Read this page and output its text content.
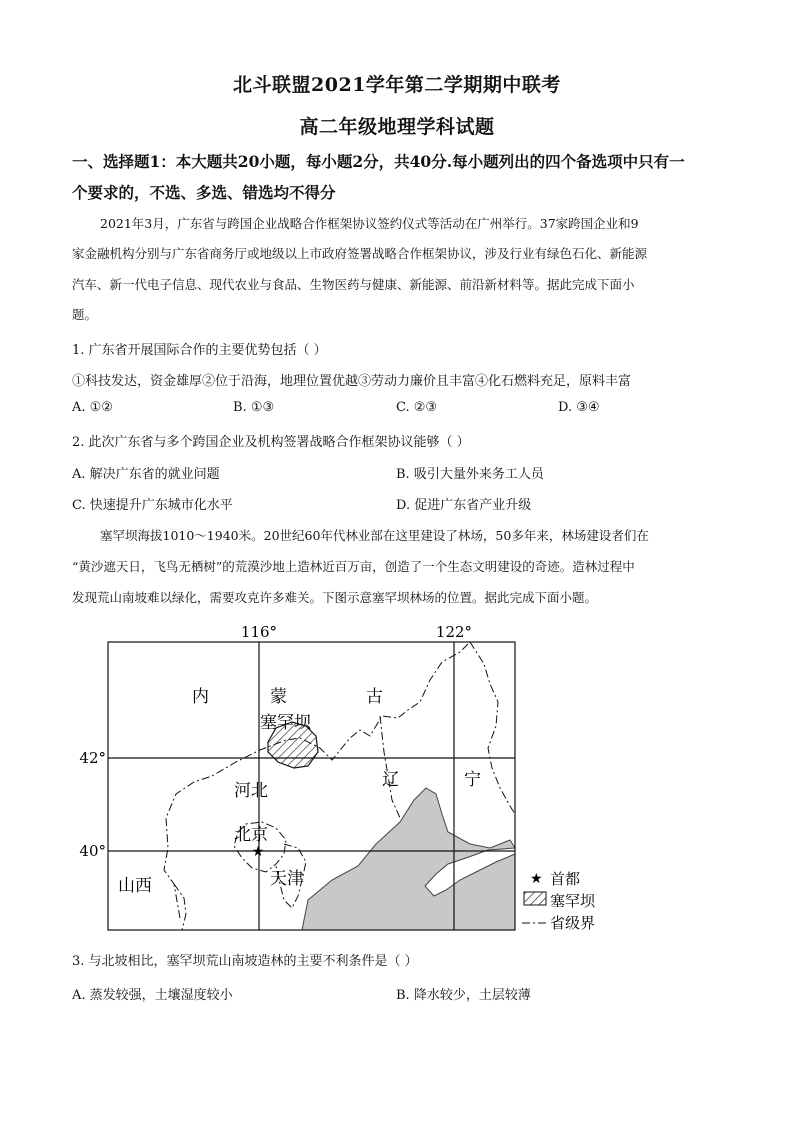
北斗联盟2021学年第二学期期中联考
高二年级地理学科试题
一、选择题1：本大题共20小题，每小题2分，共40分.每小题列出的四个备选项中只有一
个要求的，不选、多选、错选均不得分
2021年3月，广东省与跨国企业战略合作框架协议签约仪式等活动在广州举行。37家跨国企业和9
家金融机构分别与广东省商务厅或地级以上市政府签署战略合作框架协议，涉及行业有绿色石化、新能源
汽车、新一代电子信息、现代农业与食品、生物医药与健康、新能源、前沿新材料等。据此完成下面小
题。
1. 广东省开展国际合作的主要优势包括（ ）
①科技发达，资金雄厚②位于沿海，地理位置优越③劳动力廉价且丰富④化石燃料充足，原料丰富
A. ①②	B. ①③	C. ②③	D. ③④
2. 此次广东省与多个跨国企业及机构签署战略合作框架协议能够（ ）
A. 解决广东省的就业问题	B. 吸引大量外来务工人员
C. 快速提升广东城市化水平	D. 促进广东省产业升级
塞罕坝海拔1010～1940米。20世纪60年代林业部在这里建设了林场，50多年来，林场建设者们在
“黄沙遮天日，飞鸟无栖树”的荒漠沙地上造林近百万亩，创造了一个生态文明建设的奇迹。造林过程中
发现荒山南坡难以绿化，需要攻克许多难关。下图示意塞罕坝林场的位置。据此完成下面小题。
116°	122°
42°
40°
内	蒙	古
塞罕坝
河北
辽	宁
北京
天津
山西
★
★ 首都
塞罕坝
省级界
3. 与北坡相比，塞罕坝荒山南坡造林的主要不利条件是（ ）
A. 蒸发较强，土壤湿度较小	B. 降水较少，土层较薄
